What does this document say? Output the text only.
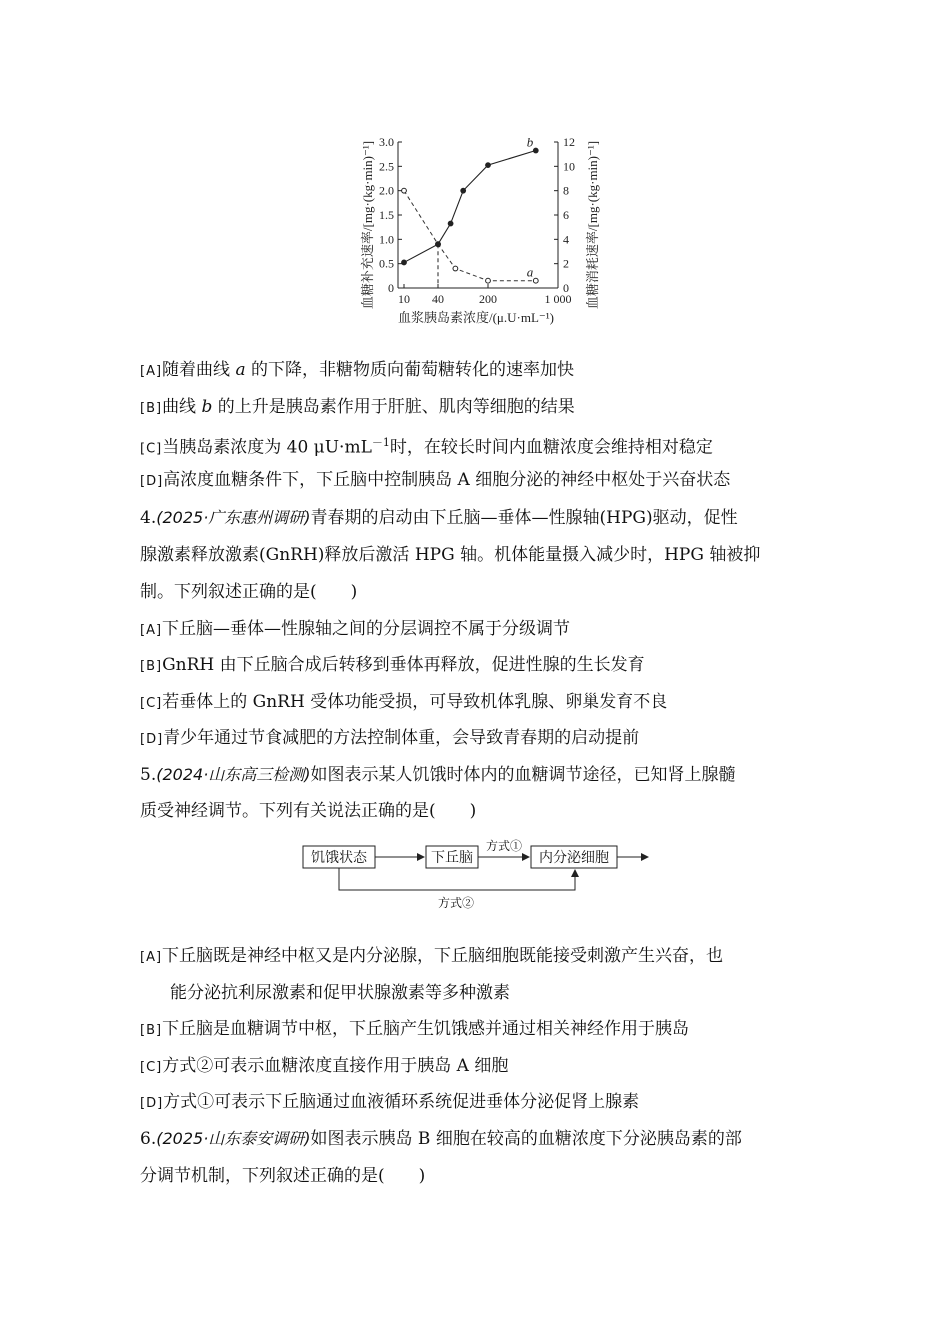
0
0.5
1.0
1.5
2.0
2.5
3.0
0
2
4
6
8
10
12
10 40	200	1 000
a
b
血浆胰岛素浓度/(μ.U·mL⁻¹)
血糖补充速率/[mg·(kg·min)⁻¹]	血糖消耗速率/[mg·(kg·min)⁻¹]
[A]随着曲线 a 的下降，非糖物质向葡萄糖转化的速率加快
[B]曲线 b 的上升是胰岛素作用于肝脏、肌肉等细胞的结果
[C]当胰岛素浓度为 40 $\mu U\cdot mL^{-1}$时，在较长时间内血糖浓度会维持相对稳定
[D]高浓度血糖条件下，下丘脑中控制胰岛 A 细胞分泌的神经中枢处于兴奋状态
4.(2025·广东惠州调研)青春期的启动由下丘脑—垂体—性腺轴(HPG)驱动，促性
腺激素释放激素(GnRH)释放后激活 HPG 轴。机体能量摄入减少时，HPG 轴被抑
制。下列叙述正确的是(　　)
[A]下丘脑—垂体—性腺轴之间的分层调控不属于分级调节
[B]GnRH 由下丘脑合成后转移到垂体再释放，促进性腺的生长发育
[C]若垂体上的 GnRH 受体功能受损，可导致机体乳腺、卵巢发育不良
[D]青少年通过节食减肥的方法控制体重，会导致青春期的启动提前
5.(2024·山东高三检测)如图表示某人饥饿时体内的血糖调节途径，已知肾上腺髓
质受神经调节。下列有关说法正确的是(　　)
饥饿状态	下丘脑	内分泌细胞
方式①
方式②
[A]下丘脑既是神经中枢又是内分泌腺，下丘脑细胞既能接受刺激产生兴奋，也
能分泌抗利尿激素和促甲状腺激素等多种激素
[B]下丘脑是血糖调节中枢，下丘脑产生饥饿感并通过相关神经作用于胰岛
[C]方式②可表示血糖浓度直接作用于胰岛 A 细胞
[D]方式①可表示下丘脑通过血液循环系统促进垂体分泌促肾上腺素
6.(2025·山东泰安调研)如图表示胰岛 B 细胞在较高的血糖浓度下分泌胰岛素的部
分调节机制，下列叙述正确的是(　　)
